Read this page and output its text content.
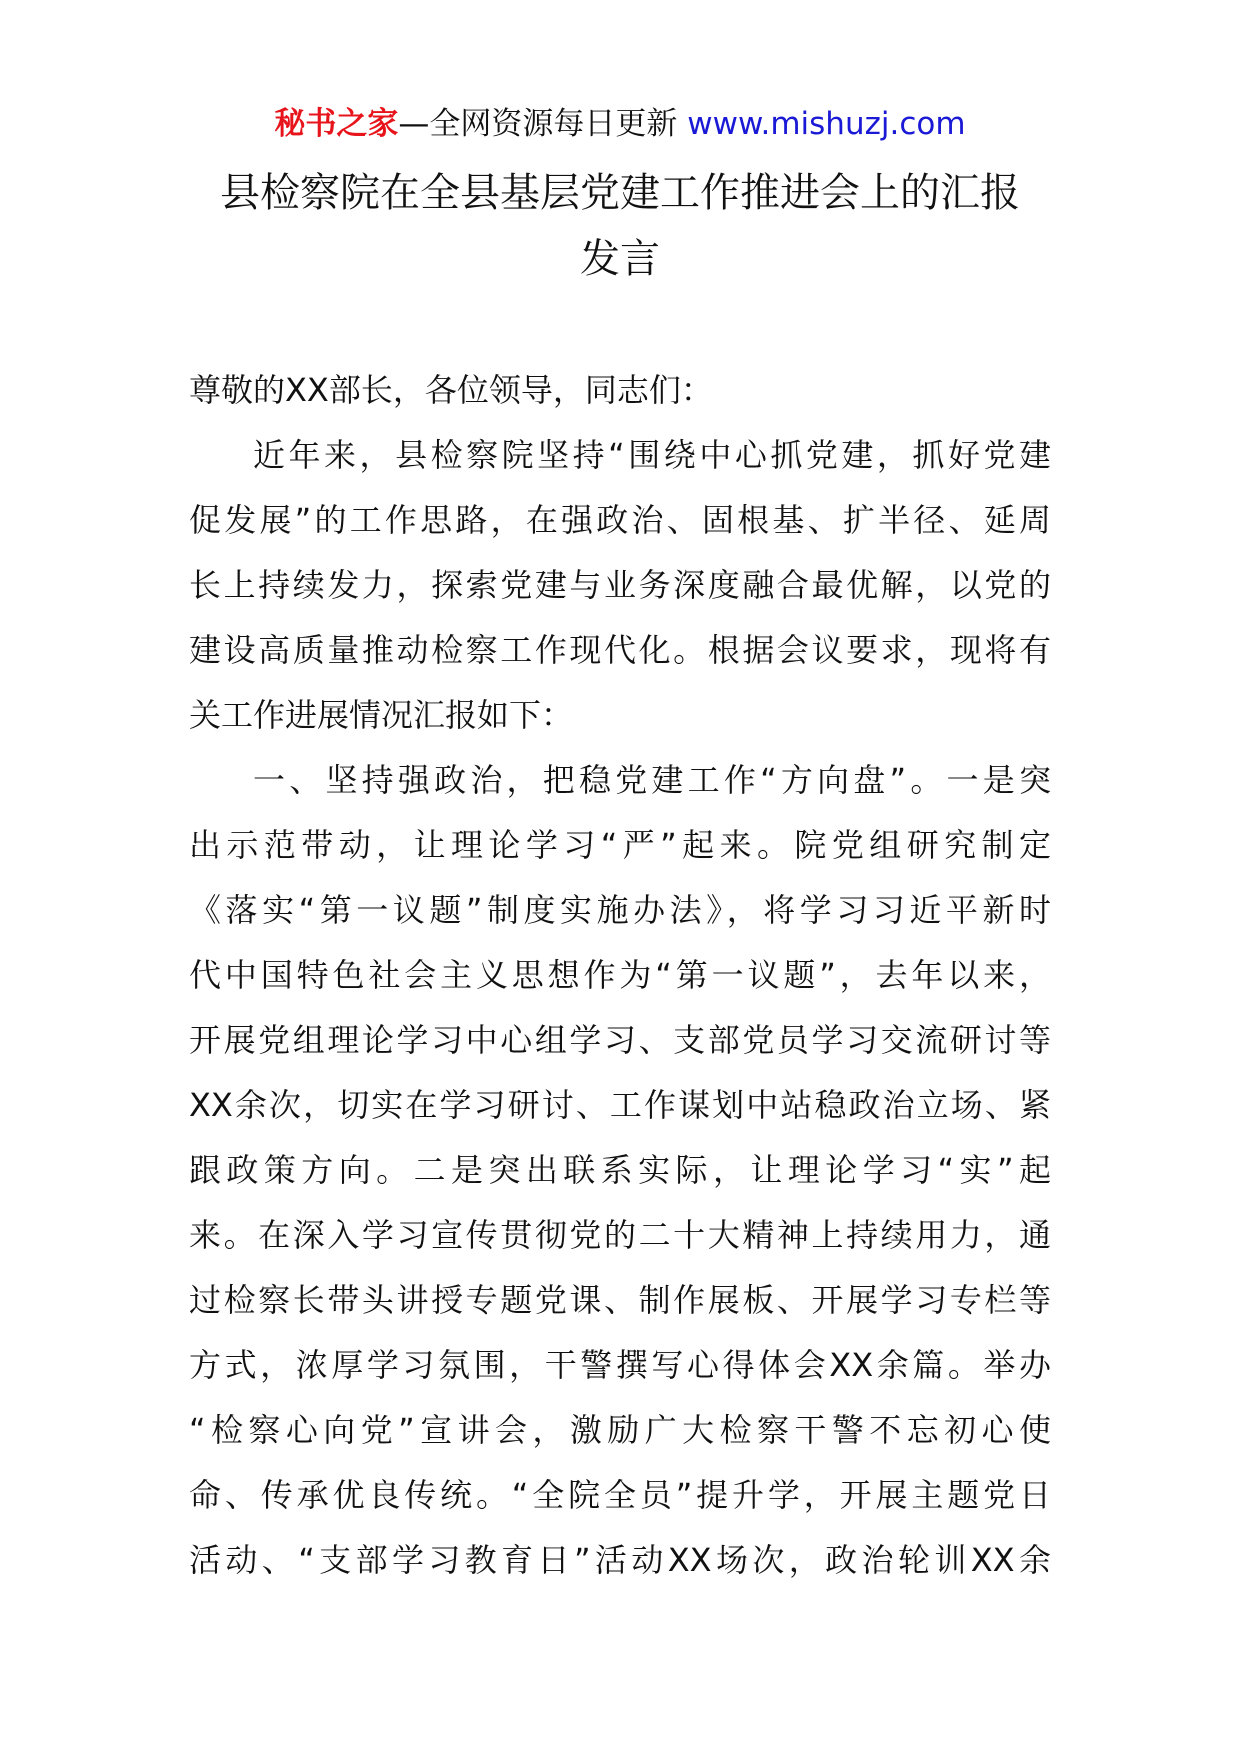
秘书之家—全网资源每日更新 www.mishuzj.com
县检察院在全县基层党建工作推进会上的汇报
发言
尊敬的XX部长，各位领导，同志们：
近年来，县检察院坚持“围绕中心抓党建，抓好党建
促发展”的工作思路，在强政治、固根基、扩半径、延周
长上持续发力，探索党建与业务深度融合最优解，以党的
建设高质量推动检察工作现代化。根据会议要求，现将有
关工作进展情况汇报如下：
一、坚持强政治，把稳党建工作“方向盘”。一是突
出示范带动，让理论学习“严”起来。院党组研究制定
《落实“第一议题”制度实施办法》，将学习习近平新时
代中国特色社会主义思想作为“第一议题”，去年以来，
开展党组理论学习中心组学习、支部党员学习交流研讨等
XX余次，切实在学习研讨、工作谋划中站稳政治立场、紧
跟政策方向。二是突出联系实际，让理论学习“实”起
来。在深入学习宣传贯彻党的二十大精神上持续用力，通
过检察长带头讲授专题党课、制作展板、开展学习专栏等
方式，浓厚学习氛围，干警撰写心得体会XX余篇。举办
“检察心向党”宣讲会，激励广大检察干警不忘初心使
命、传承优良传统。“全院全员”提升学，开展主题党日
活动、“支部学习教育日”活动XX场次，政治轮训XX余
